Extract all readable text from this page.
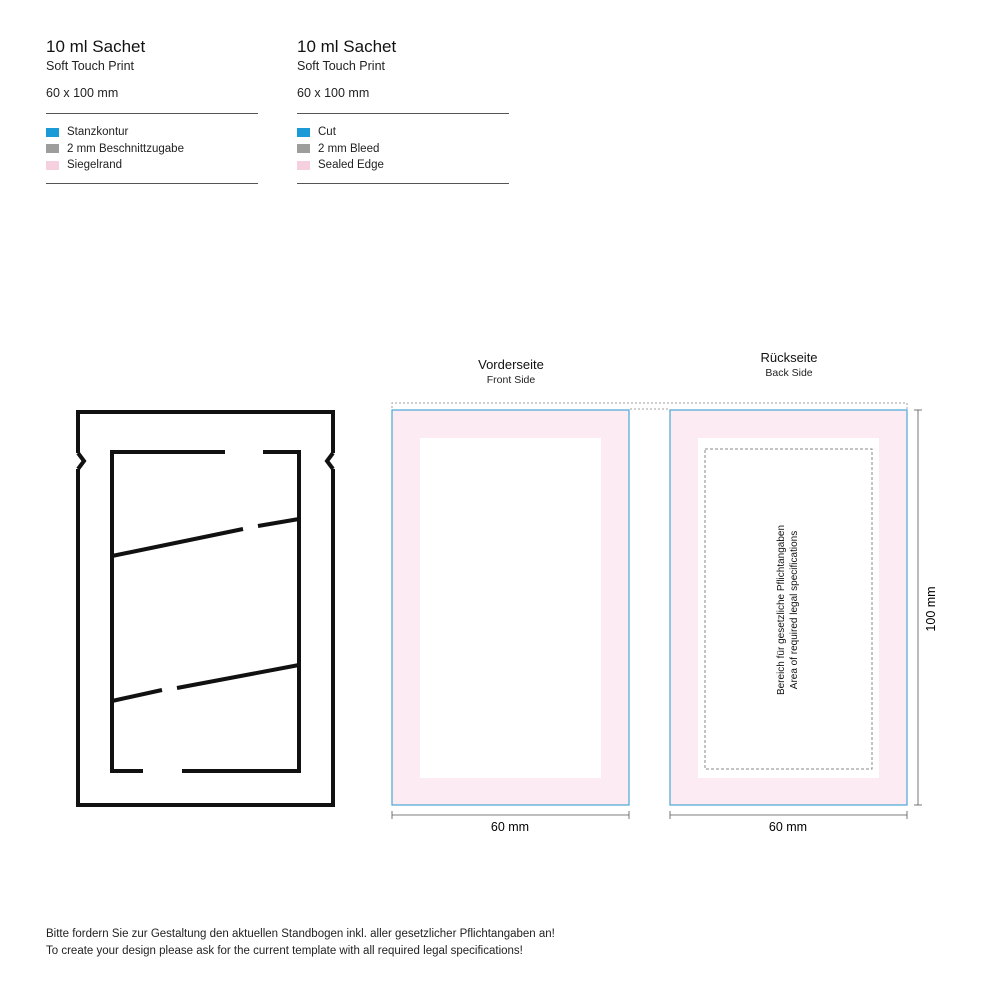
10 ml Sachet
Soft Touch Print
60 x 100 mm
Stanzkontur
2 mm Beschnittzugabe
Siegelrand
10 ml Sachet
Soft Touch Print
60 x 100 mm
Cut
2 mm Bleed
Sealed Edge
Vorderseite
Front Side
Rückseite
Back Side
60 mm	60 mm
100 mm
Bereich für gesetzliche Pflichtangaben Area of required legal specifications
Bitte fordern Sie zur Gestaltung den aktuellen Standbogen inkl. aller gesetzlicher Pflichtangaben an!
To create your design please ask for the current template with all required legal specifications!
